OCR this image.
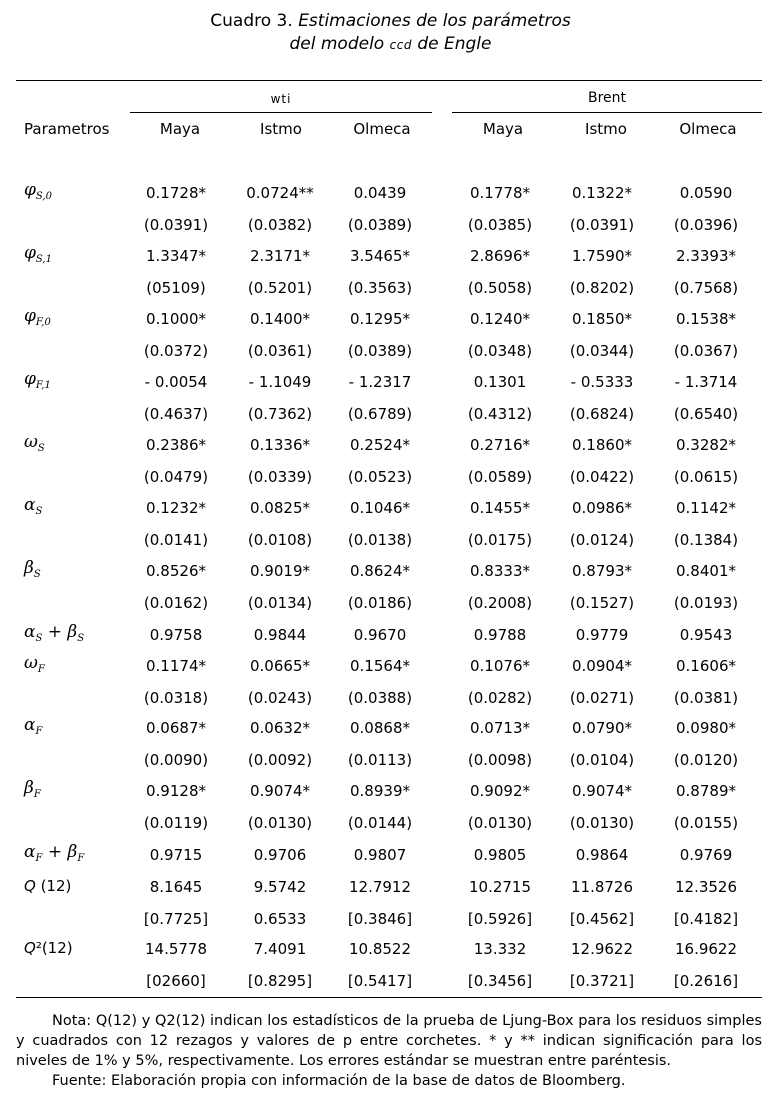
Cuadro 3. Estimaciones de los parámetros
del modelo ccd de Engle
wti	Brent
Parametros	Maya	Istmo	Olmeca	Maya	Istmo	Olmeca
$\varphi_{S,0}$	0.1728*	0.0724**	0.0439	0.1778*	0.1322*	0.0590
(0.0391)	(0.0382)	(0.0389)	(0.0385)	(0.0391)	(0.0396)
$\varphi_{S,1}$	1.3347*	2.3171*	3.5465*	2.8696*	1.7590*	2.3393*
(05109)	(0.5201)	(0.3563)	(0.5058)	(0.8202)	(0.7568)
$\varphi_{F,0}$	0.1000*	0.1400*	0.1295*	0.1240*	0.1850*	0.1538*
(0.0372)	(0.0361)	(0.0389)	(0.0348)	(0.0344)	(0.0367)
$\varphi_{F,1}$	- 0.0054	- 1.1049	- 1.2317	0.1301	- 0.5333	- 1.3714
(0.4637)	(0.7362)	(0.6789)	(0.4312)	(0.6824)	(0.6540)
$\omega_S$	0.2386*	0.1336*	0.2524*	0.2716*	0.1860*	0.3282*
(0.0479)	(0.0339)	(0.0523)	(0.0589)	(0.0422)	(0.0615)
$\alpha_S$	0.1232*	0.0825*	0.1046*	0.1455*	0.0986*	0.1142*
(0.0141)	(0.0108)	(0.0138)	(0.0175)	(0.0124)	(0.1384)
$\beta_S$	0.8526*	0.9019*	0.8624*	0.8333*	0.8793*	0.8401*
(0.0162)	(0.0134)	(0.0186)	(0.2008)	(0.1527)	(0.0193)
$\alpha_S + \beta_S$	0.9758	0.9844	0.9670	0.9788	0.9779	0.9543
$\omega_F$	0.1174*	0.0665*	0.1564*	0.1076*	0.0904*	0.1606*
(0.0318)	(0.0243)	(0.0388)	(0.0282)	(0.0271)	(0.0381)
$\alpha_F$	0.0687*	0.0632*	0.0868*	0.0713*	0.0790*	0.0980*
(0.0090)	(0.0092)	(0.0113)	(0.0098)	(0.0104)	(0.0120)
$\beta_F$	0.9128*	0.9074*	0.8939*	0.9092*	0.9074*	0.8789*
(0.0119)	(0.0130)	(0.0144)	(0.0130)	(0.0130)	(0.0155)
$\alpha_F + \beta_F$	0.9715	0.9706	0.9807	0.9805	0.9864	0.9769
Q (12)	8.1645	9.5742	12.7912	10.2715	11.8726	12.3526
[0.7725]	0.6533	[0.3846]	[0.5926]	[0.4562]	[0.4182]
Q²(12)	14.5778	7.4091	10.8522	13.332	12.9622	16.9622
[02660]	[0.8295]	[0.5417]	[0.3456]	[0.3721]	[0.2616]

Nota: Q(12) y Q2(12) indican los estadísticos de la prueba de Ljung-Box para los residuos simples y cuadrados con 12 rezagos y valores de p entre corchetes. * y ** indican significación para los niveles de 1% y 5%, respectivamente. Los errores estándar se muestran entre paréntesis.

Fuente: Elaboración propia con información de la base de datos de Bloomberg.
